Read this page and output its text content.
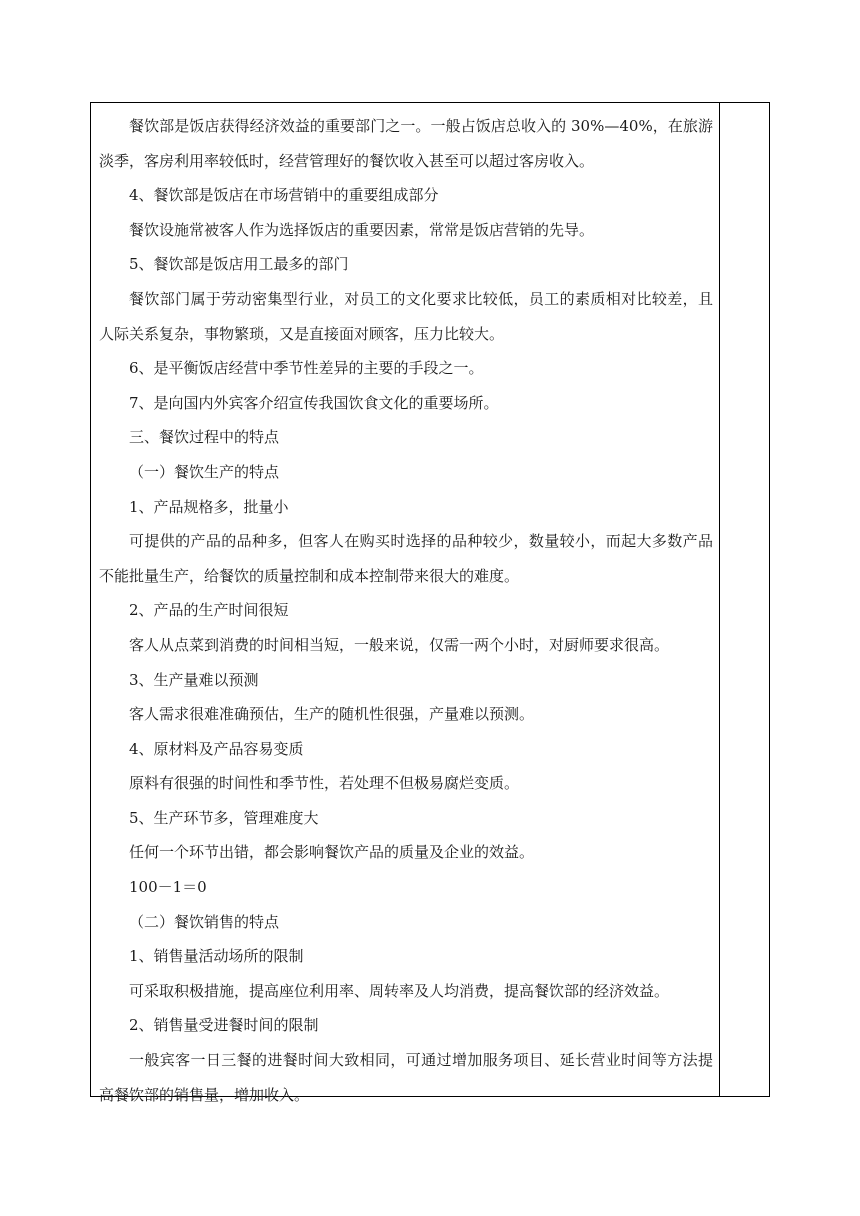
餐饮部是饭店获得经济效益的重要部门之一。一般占饭店总收入的 30%—40%，在旅游淡季，客房利用率较低时，经营管理好的餐饮收入甚至可以超过客房收入。

4、餐饮部是饭店在市场营销中的重要组成部分

餐饮设施常被客人作为选择饭店的重要因素，常常是饭店营销的先导。

5、餐饮部是饭店用工最多的部门

餐饮部门属于劳动密集型行业，对员工的文化要求比较低，员工的素质相对比较差，且人际关系复杂，事物繁琐，又是直接面对顾客，压力比较大。

6、是平衡饭店经营中季节性差异的主要的手段之一。

7、是向国内外宾客介绍宣传我国饮食文化的重要场所。

三、餐饮过程中的特点

（一）餐饮生产的特点

1、产品规格多，批量小

可提供的产品的品种多，但客人在购买时选择的品种较少，数量较小，而起大多数产品不能批量生产，给餐饮的质量控制和成本控制带来很大的难度。

2、产品的生产时间很短

客人从点菜到消费的时间相当短，一般来说，仅需一两个小时，对厨师要求很高。

3、生产量难以预测

客人需求很难准确预估，生产的随机性很强，产量难以预测。

4、原材料及产品容易变质

原料有很强的时间性和季节性，若处理不但极易腐烂变质。

5、生产环节多，管理难度大

任何一个环节出错，都会影响餐饮产品的质量及企业的效益。

100－1＝0

（二）餐饮销售的特点

1、销售量活动场所的限制

可采取积极措施，提高座位利用率、周转率及人均消费，提高餐饮部的经济效益。

2、销售量受进餐时间的限制

一般宾客一日三餐的进餐时间大致相同，可通过增加服务项目、延长营业时间等方法提高餐饮部的销售量，增加收入。
